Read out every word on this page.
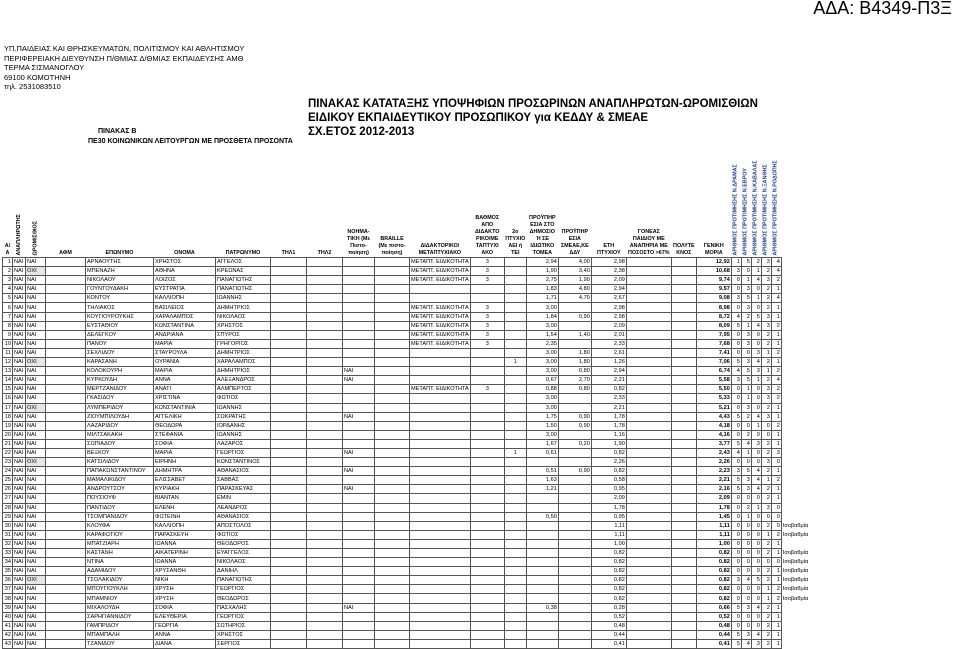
ΑΔΑ: Β4349-Π3Ξ
ΥΠ.ΠΑΙΔΕΙΑΣ ΚΑΙ ΘΡΗΣΚΕΥΜΑΤΩΝ, ΠΟΛΙΤΙΣΜΟΥ ΚΑΙ ΑΘΛΗΤΙΣΜΟΥ
ΠΕΡΙΦΕΡΕΙΑΚΗ ΔΙΕΥΘΥΝΣΗ Π/ΘΜΙΑΣ Δ/ΘΜΙΑΣ ΕΚΠΑΙΔΕΥΣΗΣ ΑΜΘ
ΤΕΡΜΑ ΣΙΣΜΑΝΟΓΛΟΥ
69100 ΚΟΜΟΤΗΝΗ
τηλ. 2531083510
ΠΙΝΑΚΑΣ ΚΑΤΑΤΑΞΗΣ ΥΠΟΨΗΦΙΩΝ ΠΡΟΣΩΡΙΝΩΝ ΑΝΑΠΛΗΡΩΤΩΝ-ΩΡΟΜΙΣΘΙΩΝ
ΕΙΔΙΚΟΥ ΕΚΠΑΙΔΕΥΤΙΚΟΥ ΠΡΟΣΩΠΙΚΟΥ για ΚΕΔΔΥ & ΣΜΕΑΕ
ΣΧ.ΕΤΟΣ 2012-2013
ΠΙΝΑΚΑΣ Β
ΠΕ30 ΚΟΙΝΩΝΙΚΩΝ ΛΕΙΤΟΥΡΓΩΝ ΜΕ ΠΡΟΣΘΕΤΑ ΠΡΟΣΟΝΤΑ
Α/Α	ΑΝΑΠΛΗΡΩΤΗΣ	ΩΡΟΜΙΣΘΙΟΣ	ΑΦΜ	ΕΠΩΝΥΜΟ	ΟΝΟΜΑ	ΠΑΤΡΩΝΥΜΟ	ΤΗΛ1	ΤΗΛ2	ΝΟΗΜΑ-ΤΙΚΗ (Με Πιστο-ποίηση)	BRAILLE (Με πιστο-ποίηση)	ΔΙΔΑΚΤΟΡΙΚΟ/ ΜΕΤΑΠΤΥΧΙΑΚΟ	ΒΑΘΜΟΣ ΑΠΟ ΔΙΔΑΚΤΟ ΡΙΚΟ/ΜΕ ΤΑΠΤΥΧΙ ΑΚΟ	2ο ΠΤΥΧΙΟ ΑΕΙ ή ΤΕΙ	ΠΡΟΫΠΗΡ ΕΣΙΑ ΣΤΟ ΔΗΜΟΣΙΟ Ή ΣΕ ΙΔΙΩΤΙΚΟ ΤΟΜΕΑ	ΠΡΟΫΠΗΡ ΕΣΙΑ ΣΜΕΑΕ,ΚΕ ΔΔΥ	ΕΤΗ ΠΤΥΧΙΟΥ	ΓΟΝΕΑΣ ΠΑΙΔΙΟΥ ΜΕ ΑΝΑΠΗΡΙΑ ΜΕ ΠΟΣΟΣΤΟ >67%	ΠΟΛΥΤΕ ΚΝΟΣ	ΓΕΝΙΚΗ ΜΟΡΙΑ	ΑΡΙΘΜΟΣ ΠΡΟΤΙΜΗΣΗΣ Ν.ΔΡΑΜΑΣ	ΑΡΙΘΜΟΣ ΠΡΟΤΙΜΗΣΗΣ Ν.ΕΒΡΟΥ	ΑΡΙΘΜΟΣ ΠΡΟΤΙΜΗΣΗΣ Ν.ΚΑΒΑΛΑΣ	ΑΡΙΘΜΟΣ ΠΡΟΤΙΜΗΣΗΣ Ν.ΞΑΝΘΗΣ	ΑΡΙΘΜΟΣ ΠΡΟΤΙΜΗΣΗΣ Ν.ΡΟΔΟΠΗΣ	
1	ΝΑΙ	ΝΑΙ		ΑΡΝΑΟΥΤΗΣ	ΧΡΗΣΤΟΣ	ΑΓΓΕΛΟΣ					ΜΕΤΑΠΤ. ΕΙΔΙΚΟΤΗΤΑ	3		2,94	4,00	2,98			12,92	1	5	2	3	4	
2	ΝΑΙ	ΟΧΙ		ΜΠΕΝΑΖΗ	ΑΘΗΝΑ	ΚΡΕΩΝΑΣ					ΜΕΤΑΠΤ. ΕΙΔΙΚΟΤΗΤΑ	3		1,90	3,40	2,38			10,68	3	0	1	2	4	
3	ΝΑΙ	ΝΑΙ		ΝΙΚΟΛΑΟΥ	ΛΟΙΖΟΣ	ΠΑΝΑΓΙΩΤΗΣ					ΜΕΤΑΠΤ. ΕΙΔΙΚΟΤΗΤΑ	3		2,75	1,90	2,09			9,74	0	1	4	3	2	
4	ΝΑΙ	ΝΑΙ		ΓΟΥΝΤΟΥΔΑΚΗ	ΕΥΣΤΡΑΤΙΑ	ΠΑΝΑΓΙΩΤΗΣ								1,83	4,80	2,94			9,57	0	3	0	2	1	
5	ΝΑΙ	ΝΑΙ		ΚΟΝΤΟΥ	ΚΑΛΛΙΟΠΗ	ΙΩΑΝΝΗΣ								1,71	4,70	2,67			9,08	3	5	1	2	4	
6	ΝΑΙ	ΝΑΙ		ΤΗΛΙΑΚΟΣ	ΒΑΣΙΛΕΙΟΣ	ΔΗΜΗΤΡΙΟΣ					ΜΕΤΑΠΤ. ΕΙΔΙΚΟΤΗΤΑ	3		3,00		2,98			8,98	0	3	0	2	1	
7	ΝΑΙ	ΝΑΙ		ΚΟΥΓΙΟΥΡΟΥΚΗΣ	ΧΑΡΑΛΑΜΠΟΣ	ΝΙΚΟΛΑΟΣ					ΜΕΤΑΠΤ. ΕΙΔΙΚΟΤΗΤΑ	3		1,84	0,90	2,98			8,72	4	2	5	3	1	
8	ΝΑΙ	ΝΑΙ		ΕΥΣΤΑΘΙΟΥ	ΚΩΝΣΤΑΝΤΙΝΑ	ΧΡΗΣΤΟΣ					ΜΕΤΑΠΤ. ΕΙΔΙΚΟΤΗΤΑ	3		3,00		2,09			8,09	5	1	4	3	2	
9	ΝΑΙ	ΝΑΙ		ΔΕΛΕΓΚΟΥ	ΑΝΔΡΙΑΝΑ	ΣΠΥΡΟΣ					ΜΕΤΑΠΤ. ΕΙΔΙΚΟΤΗΤΑ	3		1,54	1,40	2,01			7,95	0	3	0	2	1	
10	ΝΑΙ	ΝΑΙ		ΠΑΝΟΥ	ΜΑΡΙΑ	ΓΡΗΓΟΡΙΟΣ					ΜΕΤΑΠΤ. ΕΙΔΙΚΟΤΗΤΑ	3		2,35		2,33			7,68	0	3	0	2	1	
11	ΝΑΙ	ΝΑΙ		ΣΕΧΛΙΔΟΥ	ΣΤΑΥΡΟΥΛΑ	ΔΗΜΗΤΡΙΟΣ								3,00	1,80	2,61			7,41	0	0	3	1	2	
12	ΝΑΙ	ΟΧΙ		ΚΑΡΑΣΑΝΗ	ΟΥΡΑΝΙΑ	ΧΑΡΑΛΑΜΠΟΣ							1	3,00	1,80	1,26			7,06	5	3	4	2	1	
13	ΝΑΙ	ΝΑΙ		ΚΟΛΟΚΟΥΡΗ	ΜΑΡΙΑ	ΔΗΜΗΤΡΙΟΣ			ΝΑΙ					3,00	0,80	2,94			6,74	4	5	3	1	2	
14	ΝΑΙ	ΝΑΙ		ΚΥΡΚΟΥΔΗ	ΑΝΝΑ	ΑΛΕΞΑΝΔΡΟΣ			ΝΑΙ					0,67	2,70	2,21			5,58	3	5	1	2	4	
15	ΝΑΙ	ΝΑΙ		ΜΕΡΤΖΑΝΙΔΟΥ	ΑΝΑΤΙ	ΑΛΜΠΕΡΤΟΣ					ΜΕΤΑΠΤ. ΕΙΔΙΚΟΤΗΤΑ	3		0,88	0,80	0,82			5,50	0	1	0	3	2	
16	ΝΑΙ	ΝΑΙ		ΓΚΑΣΙΔΟΥ	ΧΡΙΣΤΙΝΑ	ΦΩΤΙΟΣ								3,00		2,33			5,33	0	1	0	3	2	
17	ΝΑΙ	ΟΧΙ		ΛΥΜΠΕΡΙΔΟΥ	ΚΩΝΣΤΑΝΤΙΝΙΑ	ΙΩΑΝΝΗΣ								3,00		2,21			5,21	0	3	0	2	1	
18	ΝΑΙ	ΝΑΙ		ΖΙΟΥΜΠΙΛΟΥΔΗ	ΑΓΓΕΛΙΚΗ	ΣΩΚΡΑΤΗΣ			ΝΑΙ					1,75	0,90	1,78			4,43	5	2	4	3	1	
19	ΝΑΙ	ΝΑΙ		ΛΑΖΑΡΙΔΟΥ	ΘΕΟΔΩΡΑ	ΙΟΡΔΑΝΗΣ								1,50	0,90	1,78			4,18	0	0	1	0	2	
20	ΝΑΙ	ΝΑΙ		ΜΙΛΤΣΑΚΑΚΗ	ΣΤΕΦΑΝΙΑ	ΙΩΑΝΝΗΣ								3,00		1,16			4,16	0	2	0	0	1	
21	ΝΑΙ	ΝΑΙ		ΣΩΠΙΑΔΟΥ	ΣΟΦΙΑ	ΛΑΖΑΡΟΣ								1,67	0,20	1,90			3,77	5	4	3	2	1	
22	ΝΑΙ	ΝΑΙ		ΒΕΞΚΟΥ	ΜΑΡΙΑ	ΓΕΩΡΓΙΟΣ			ΝΑΙ				1	0,61		0,82			2,43	4	1	0	2	3	
23	ΝΑΙ	ΟΧΙ		ΚΑΤΣΙΛΙΔΟΥ	ΕΙΡΗΝΗ	ΚΩΝΣΤΑΝΤΙΝΟΣ										2,26			2,26	0	0	0	3	0	
24	ΝΑΙ	ΝΑΙ		ΠΑΠΑΚΩΝΣΤΑΝΤΙΝΟΥ	ΔΗΜΗΤΡΑ	ΑΘΑΝΑΣΙΟΣ			ΝΑΙ					0,51	0,90	0,82			2,23	3	5	4	2	1	
25	ΝΑΙ	ΝΑΙ		ΜΑΜΑΛΙΚΙΔΟΥ	ΕΛΙΣΣΑΒΕΤ	ΣΑΒΒΑΣ								1,63		0,58			2,21	5	3	4	1	2	
26	ΝΑΙ	ΝΑΙ		ΑΝΔΡΟΥΤΣΟΥ	ΚΥΡΙΑΚΗ	ΠΑΡΑΣΚΕΥΑΣ			ΝΑΙ					1,21		0,95			2,16	5	3	4	2	1	
27	ΝΑΙ	ΝΑΙ		ΠΟΥΣΙΟΥΦ	ΒΙΑΝΤΑΝ	ΕΜΙΝ										2,09			2,09	0	0	0	2	1	
28	ΝΑΙ	ΝΑΙ		ΠΑΝΤΙΔΟΥ	ΕΛΕΝΗ	ΛΕΑΝΔΡΟΣ										1,78			1,78	0	2	1	3	0	
29	ΝΑΙ	ΝΑΙ		ΤΣΟΜΠΑΝΙΔΟΥ	ΦΩΤΕΙΝΗ	ΑΘΑΝΑΣΙΟΣ								0,50		0,95			1,45	0	1	0	0	0	
30	ΝΑΙ	ΝΑΙ		ΚΛΟΥΦΑ	ΚΑΛΛΙΟΠΗ	ΑΠΟΣΤΟΛΟΣ										1,11			1,11	0	0	0	2	0	Ισοβαθμία
31	ΝΑΙ	ΝΑΙ		ΚΑΡΑΦΩΤΙΟΥ	ΠΑΡΑΣΚΕΥΗ	ΦΩΤΙΟΣ										1,11			1,11	0	0	0	1	2	Ισοβαθμία
32	ΝΑΙ	ΝΑΙ		ΜΠΑΤΖΙΑΡΗ	ΙΩΑΝΝΑ	ΘΕΟΔΩΡΟΣ										1,00			1,00	0	0	0	2	1	
33	ΝΑΙ	ΝΑΙ		ΚΑΣΤΑΝΗ	ΑΙΚΑΤΕΡΙΝΗ	ΕΥΑΓΓΕΛΟΣ										0,82			0,82	0	0	0	2	1	Ισοβαθμία
34	ΝΑΙ	ΝΑΙ		ΝΤΙΝΑ	ΙΩΑΝΝΑ	ΝΙΚΟΛΑΟΣ										0,82			0,82	0	0	0	0	0	Ισοβαθμία
35	ΝΑΙ	ΝΑΙ		ΑΔΑΜΙΔΟΥ	ΧΡΥΣΑΝΘΗ	ΔΑΝΙΗΛ										0,82			0,82	0	0	0	2	1	Ισοβαθμία
36	ΝΑΙ	ΟΧΙ		ΤΣΟΛΑΚΙΔΟΥ	ΝΙΚΗ	ΠΑΝΑΓΙΩΤΗΣ										0,82			0,82	3	4	5	2	1	Ισοβαθμία
37	ΝΑΙ	ΝΑΙ		ΜΠΟΥΓΙΟΥΚΛΗ	ΧΡΥΣΗ	ΓΕΩΡΓΙΟΣ										0,82			0,82	0	0	0	1	2	Ισοβαθμία
38	ΝΑΙ	ΝΑΙ		ΜΠΑΜΝΙΟΥ	ΧΡΥΣΗ	ΘΕΟΔΩΡΟΣ										0,82			0,82	0	0	0	1	2	Ισοβαθμία
39	ΝΑΙ	ΝΑΙ		ΜΙΧΑΛΟΥΔΗ	ΣΟΦΙΑ	ΠΑΣΧΑΛΗΣ			ΝΑΙ					0,38		0,28			0,66	5	3	4	2	1	
40	ΝΑΙ	ΝΑΙ		ΣΑΡΗΓΙΑΝΝΙΔΟΥ	ΕΛΕΥΘΕΡΙΑ	ΓΕΩΡΓΙΟΣ										0,52			0,52	0	0	0	2	1	
41	ΝΑΙ	ΝΑΙ		ΓΑΜΠΡΙΔΟΥ	ΓΕΩΡΓΙΑ	ΣΩΤΗΡΙΟΣ										0,48			0,48	0	0	0	2	1	
42	ΝΑΙ	ΝΑΙ		ΜΠΑΜΠΑΛΗ	ΑΝΝΑ	ΧΡΗΣΤΟΣ										0,44			0,44	5	3	4	2	1	
43	ΝΑΙ	ΝΑΙ		ΤΖΑΝΙΔΟΥ	ΔΙΑΝΑ	ΣΕΡΓΙΟΣ										0,41			0,41	5	4	3	2	1	
